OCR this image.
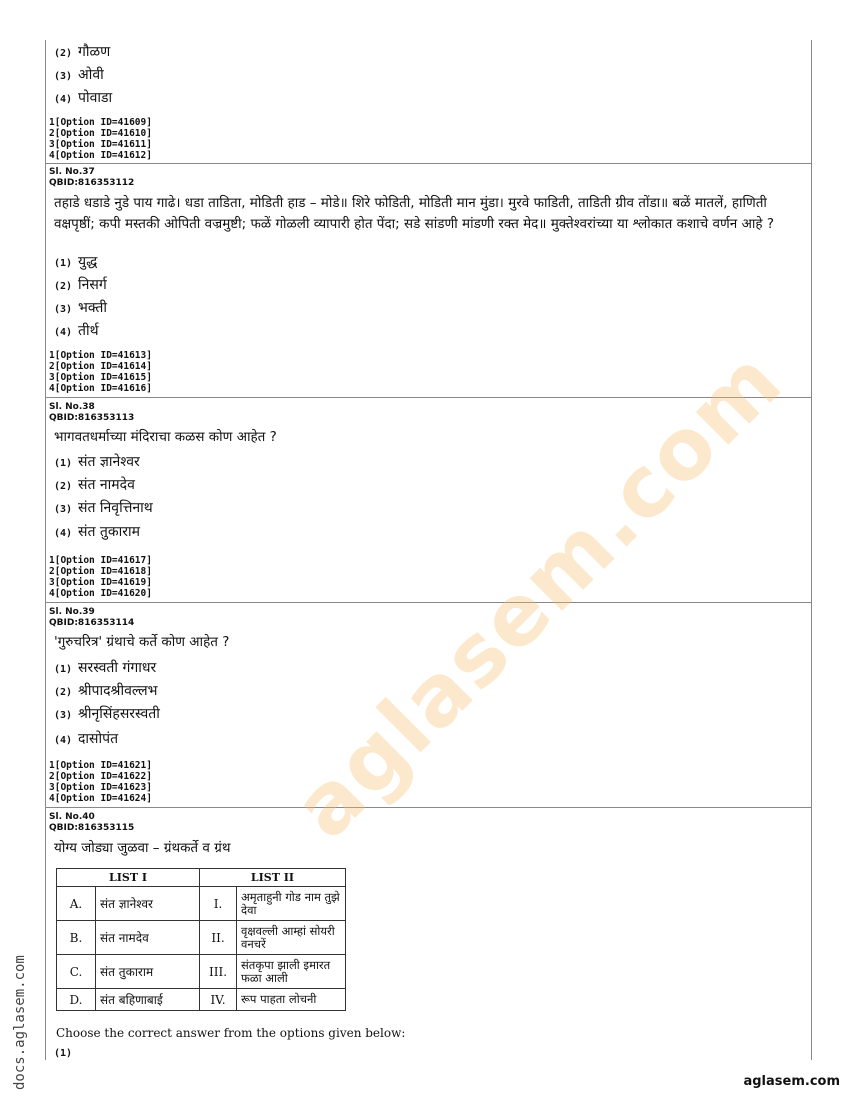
(2) गौळण
(3) ओवी
(4) पोवाडा
1[Option ID=41609]
2[Option ID=41610]
3[Option ID=41611]
4[Option ID=41612]
Sl. No.37
QBID:816353112
तहाडे धडाडे नुडे पाय गाढे। धडा ताडिता, मोडिती हाड – मोडे॥ शिरे फोडिती, मोडिती मान मुंडा। मुरवे फाडिती, ताडिती ग्रीव तोंडा॥ बळें मातलें, हाणिती वक्षपृष्ठीं; कपी मस्तकी ओपिती वज्रमुष्टी; फळें गोळली व्यापारी होत पेंदा; सडे सांडणी मांडणी रक्त मेद॥ मुक्तेश्वरांच्या या श्लोकात कशाचे वर्णन आहे ?
(1) युद्ध
(2) निसर्ग
(3) भक्ती
(4) तीर्थ
1[Option ID=41613]
2[Option ID=41614]
3[Option ID=41615]
4[Option ID=41616]
Sl. No.38
QBID:816353113
भागवतधर्माच्या मंदिराचा कळस कोण आहेत ?
(1) संत ज्ञानेश्वर
(2) संत नामदेव
(3) संत निवृत्तिनाथ
(4) संत तुकाराम
1[Option ID=41617]
2[Option ID=41618]
3[Option ID=41619]
4[Option ID=41620]
Sl. No.39
QBID:816353114
'गुरुचरित्र' ग्रंथाचे कर्ते कोण आहेत ?
(1) सरस्वती गंगाधर
(2) श्रीपादश्रीवल्लभ
(3) श्रीनृसिंहसरस्वती
(4) दासोपंत
1[Option ID=41621]
2[Option ID=41622]
3[Option ID=41623]
4[Option ID=41624]
Sl. No.40
QBID:816353115
योग्य जोड्या जुळवा – ग्रंथकर्ते व ग्रंथ
LIST I		LIST II	
A.	संत ज्ञानेश्वर	I.	अमृताहुनी गोड नाम तुझे देवा
B.	संत नामदेव	II.	वृक्षवल्ली आम्हां सोयरी वनचरें
C.	संत तुकाराम	III.	संतकृपा झाली इमारत फळा आली
D.	संत बहिणाबाई	IV.	रूप पाहता लोचनी
Choose the correct answer from the options given below:
(1)
aglasem.com
docs.aglasem.com	aglasem.com
